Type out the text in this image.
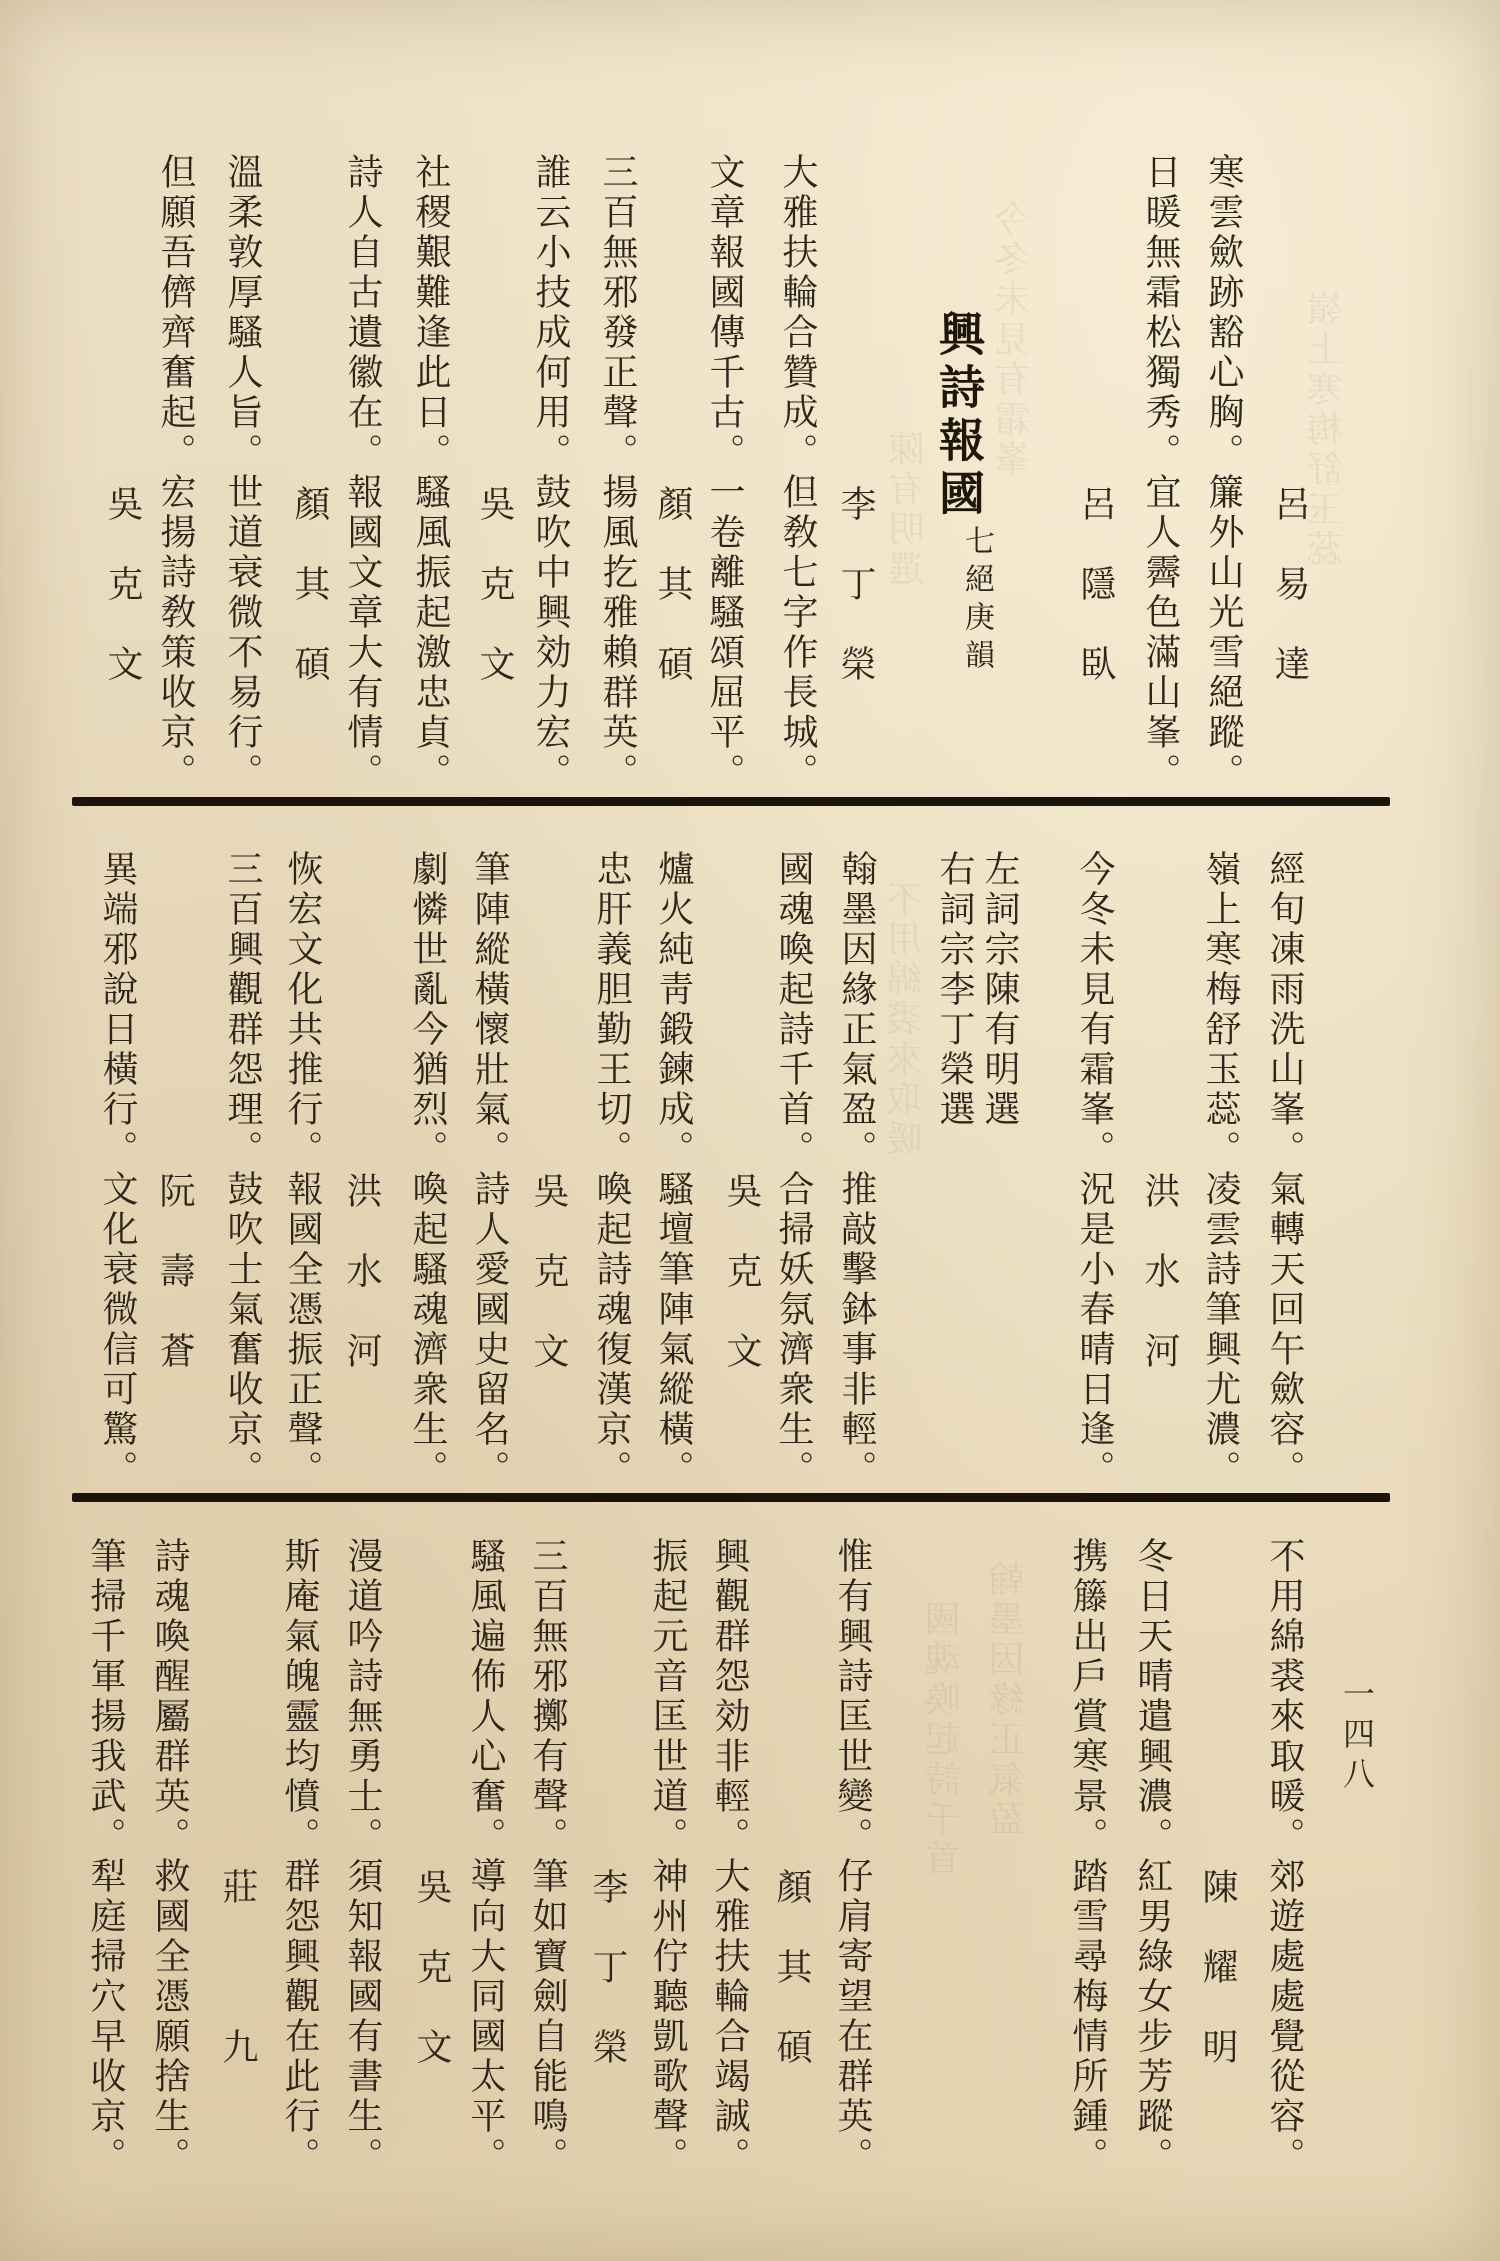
興詩報國
七絕庚韻
一四八
今冬未見有霜峯
陳有明選	嶺上寒梅舒玉蕊
不用綿裘來取暖
翰墨因緣正氣盈
國魂喚起詩千首
呂易達
寒雲歛跡豁心胸。簾外山光雪絕蹤。
日暖無霜松獨秀。宜人霽色滿山峯。
呂隱臥
李丁榮
大雅扶輪合贊成。但敎七字作長城。
文章報國傳千古。一卷離騷頌屈平。
顏其碩
三百無邪發正聲。揚風扢雅賴群英。
誰云小技成何用。鼓吹中興効力宏。
吳克文
社稷艱難逢此日。騷風振起激忠貞。
詩人自古遺徽在。報國文章大有情。
顏其碩
溫柔敦厚騷人旨。世道衰微不易行。
但願吾儕齊奮起。宏揚詩敎策收京。
吳克文
經旬凍雨洗山峯。氣轉天回午歛容。
嶺上寒梅舒玉蕊。凌雲詩筆興尤濃。
洪水河
今冬未見有霜峯。況是小春晴日逢。
左詞宗陳有明選
右詞宗李丁榮選
翰墨因緣正氣盈。推敲擊鉢事非輕。
國魂喚起詩千首。合掃妖氛濟衆生。
吳克文
爐火純靑鍛鍊成。騷壇筆陣氣縱橫。
忠肝義胆勤王切。喚起詩魂復漢京。
吳克文
筆陣縱橫懷壯氣。詩人愛國史留名。
劇憐世亂今猶烈。喚起騷魂濟衆生。
洪水河
恢宏文化共推行。報國全憑振正聲。
三百興觀群怨理。鼓吹士氣奮收京。
阮壽蒼
異端邪說日橫行。文化衰微信可驚。
不用綿裘來取暖。郊遊處處覺從容。
陳耀明
冬日天晴遣興濃。紅男綠女步芳蹤。
携籐出戶賞寒景。踏雪尋梅情所鍾。
惟有興詩匡世變。仔肩寄望在群英。
顏其碩
興觀群怨効非輕。大雅扶輪合竭誠。
振起元音匡世道。神州佇聽凱歌聲。
李丁榮
三百無邪擲有聲。筆如寶劍自能鳴。
騷風遍佈人心奮。導向大同國太平。
吳克文
漫道吟詩無勇士。須知報國有書生。
斯庵氣魄靈均憤。群怨興觀在此行。
莊　九
詩魂喚醒屬群英。救國全憑願捨生。
筆掃千軍揚我武。犁庭掃穴早收京。
